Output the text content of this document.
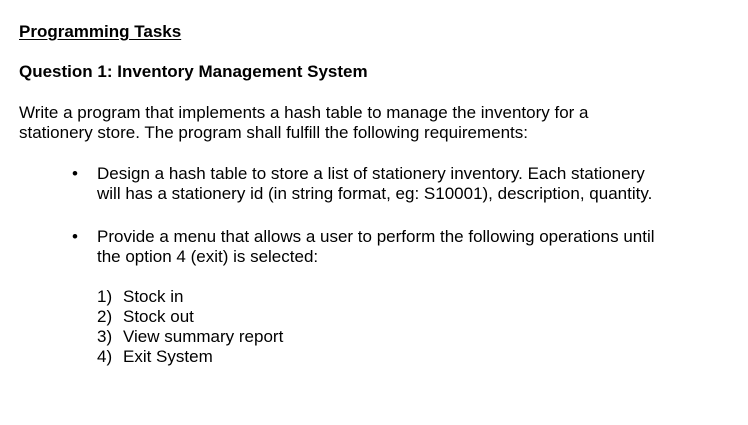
Programming Tasks
Question 1: Inventory Management System
Write a program that implements a hash table to manage the inventory for a
stationery store. The program shall fulfill the following requirements:
• Design a hash table to store a list of stationery inventory. Each stationery
will has a stationery id (in string format, eg: S10001), description, quantity.
• Provide a menu that allows a user to perform the following operations until
the option 4 (exit) is selected:
1) Stock in
2) Stock out
3) View summary report
4) Exit System
